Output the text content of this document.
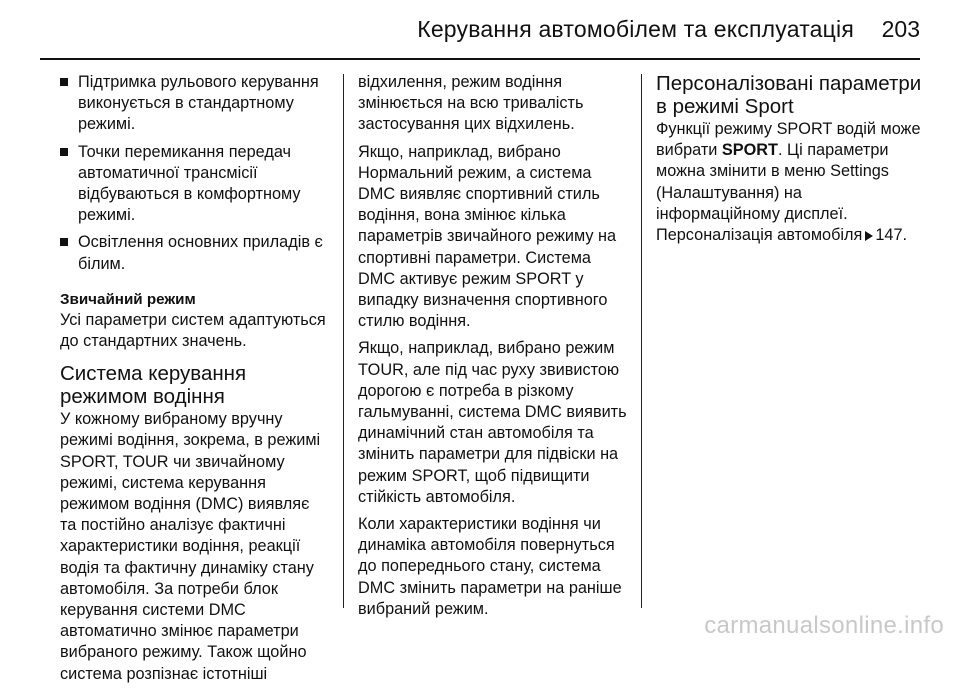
Керування автомобілем та експлуатація 203
Підтримка рульового керування виконується в стандартному режимі.
Точки перемикання передач автоматичної трансмісії відбуваються в комфортному режимі.
Освітлення основних приладів є білим.
Звичайний режим

Усі параметри систем адаптуються до стандартних значень.

Система керування режимом водіння

У кожному вибраному вручну режимі водіння, зокрема, в режимі SPORT, TOUR чи звичайному режимі, система керування режимом водіння (DMC) виявляє та постійно аналізує фактичні характеристики водіння, реакції водія та фактичну динаміку стану автомобіля. За потреби блок керування системи DMC автоматично змінює параметри вибраного режиму. Також щойно система розпізнає істотніші

відхилення, режим водіння змінюється на всю тривалість застосування цих відхилень.

Якщо, наприклад, вибрано Нормальний режим, а система DMC виявляє спортивний стиль водіння, вона змінює кілька параметрів звичайного режиму на спортивні параметри. Система DMC активує режим SPORT у випадку визначення спортивного стилю водіння.

Якщо, наприклад, вибрано режим TOUR, але під час руху звивистою дорогою є потреба в різкому гальмуванні, система DMC виявить динамічний стан автомобіля та змінить параметри для підвіски на режим SPORT, щоб підвищити стійкість автомобіля.

Коли характеристики водіння чи динаміка автомобіля повернуться до попереднього стану, система DMC змінить параметри на раніше вибраний режим.

Персоналізовані параметри в режимі Sport

Функції режиму SPORT водій може вибрати SPORT. Ці параметри можна змінити в меню Settings (Налаштування) на інформаційному дисплеї. Персоналізація автомобіля 147.

carmanualsonline.info
